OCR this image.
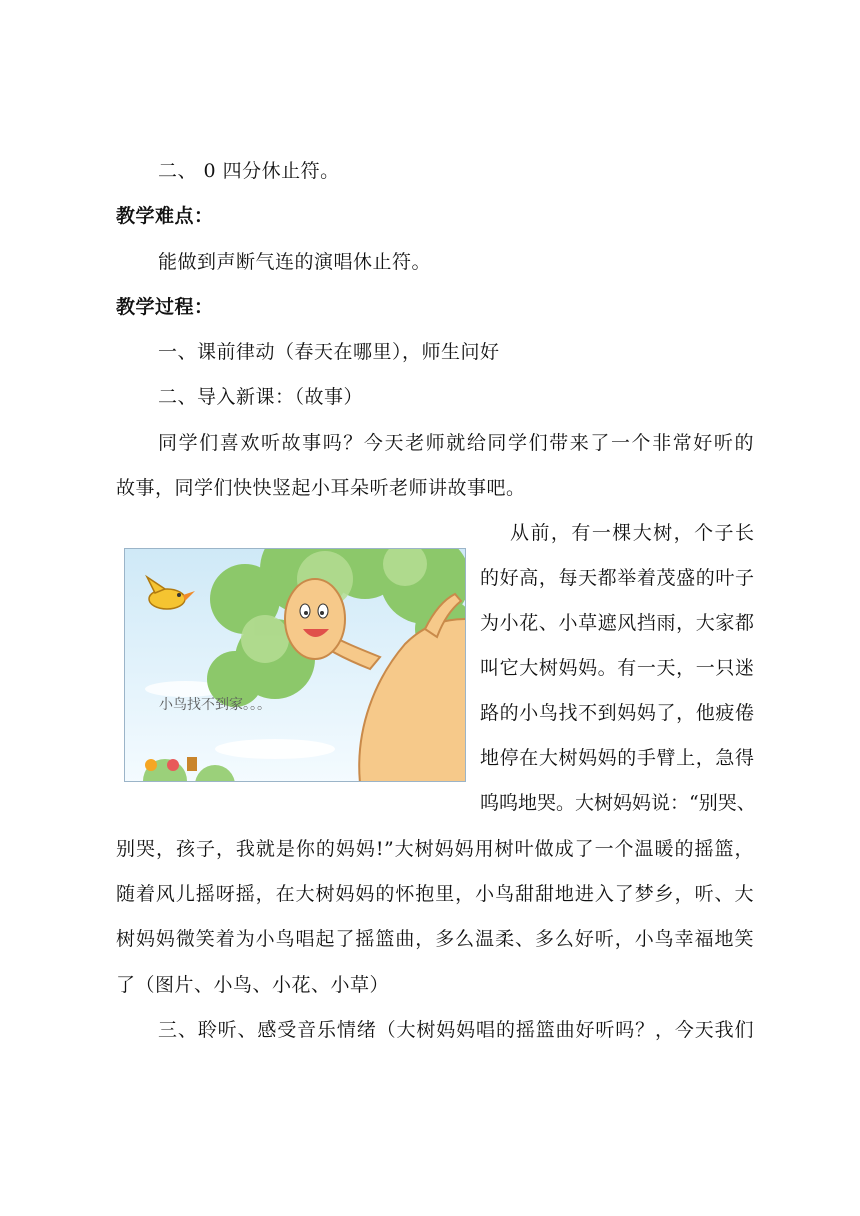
二、 0 四分休止符。
教学难点：
能做到声断气连的演唱休止符。
教学过程：
一、课前律动（春天在哪里），师生问好
二、导入新课：（故事）
同学们喜欢听故事吗？今天老师就给同学们带来了一个非常好听的
故事，同学们快快竖起小耳朵听老师讲故事吧。
小鸟找不到家。。。
从前，有一棵大树，个子长
的好高，每天都举着茂盛的叶子
为小花、小草遮风挡雨，大家都
叫它大树妈妈。有一天，一只迷
路的小鸟找不到妈妈了，他疲倦
地停在大树妈妈的手臂上，急得
呜呜地哭。大树妈妈说：“别哭、
别哭，孩子，我就是你的妈妈!”大树妈妈用树叶做成了一个温暖的摇篮，
随着风儿摇呀摇，在大树妈妈的怀抱里，小鸟甜甜地进入了梦乡，听、大
树妈妈微笑着为小鸟唱起了摇篮曲，多么温柔、多么好听，小鸟幸福地笑
了（图片、小鸟、小花、小草）
三、聆听、感受音乐情绪（大树妈妈唱的摇篮曲好听吗？，今天我们
